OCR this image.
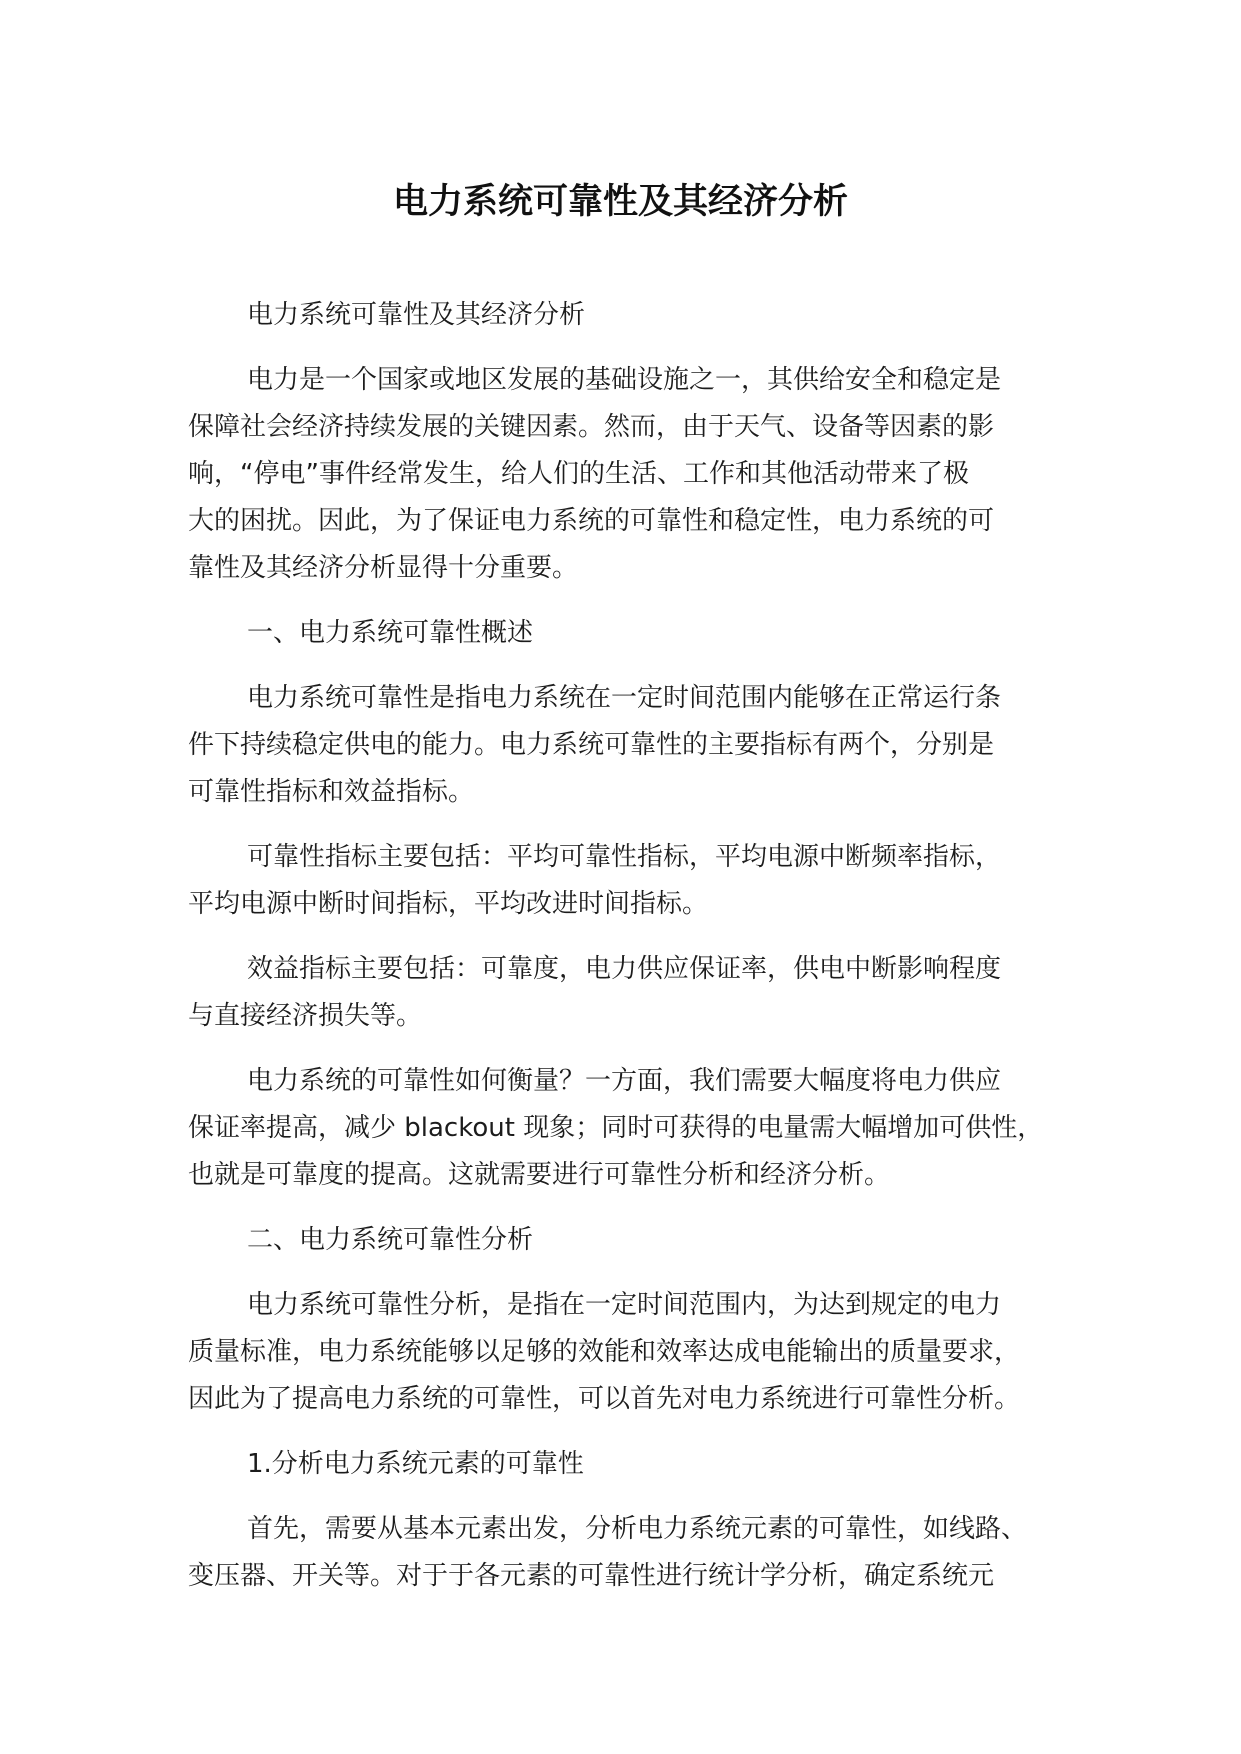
电力系统可靠性及其经济分析

电力系统可靠性及其经济分析

电力是一个国家或地区发展的基础设施之一，其供给安全和稳定是
保障社会经济持续发展的关键因素。然而，由于天气、设备等因素的影
响，“停电”事件经常发生，给人们的生活、工作和其他活动带来了极
大的困扰。因此，为了保证电力系统的可靠性和稳定性，电力系统的可
靠性及其经济分析显得十分重要。

一、电力系统可靠性概述

电力系统可靠性是指电力系统在一定时间范围内能够在正常运行条
件下持续稳定供电的能力。电力系统可靠性的主要指标有两个，分别是
可靠性指标和效益指标。

可靠性指标主要包括：平均可靠性指标，平均电源中断频率指标，
平均电源中断时间指标，平均改进时间指标。

效益指标主要包括：可靠度，电力供应保证率，供电中断影响程度
与直接经济损失等。

电力系统的可靠性如何衡量？一方面，我们需要大幅度将电力供应
保证率提高，减少 blackout 现象；同时可获得的电量需大幅增加可供性，
也就是可靠度的提高。这就需要进行可靠性分析和经济分析。

二、电力系统可靠性分析

电力系统可靠性分析，是指在一定时间范围内，为达到规定的电力
质量标准，电力系统能够以足够的效能和效率达成电能输出的质量要求，
因此为了提高电力系统的可靠性，可以首先对电力系统进行可靠性分析。

1.分析电力系统元素的可靠性

首先，需要从基本元素出发，分析电力系统元素的可靠性，如线路、
变压器、开关等。对于于各元素的可靠性进行统计学分析，确定系统元
